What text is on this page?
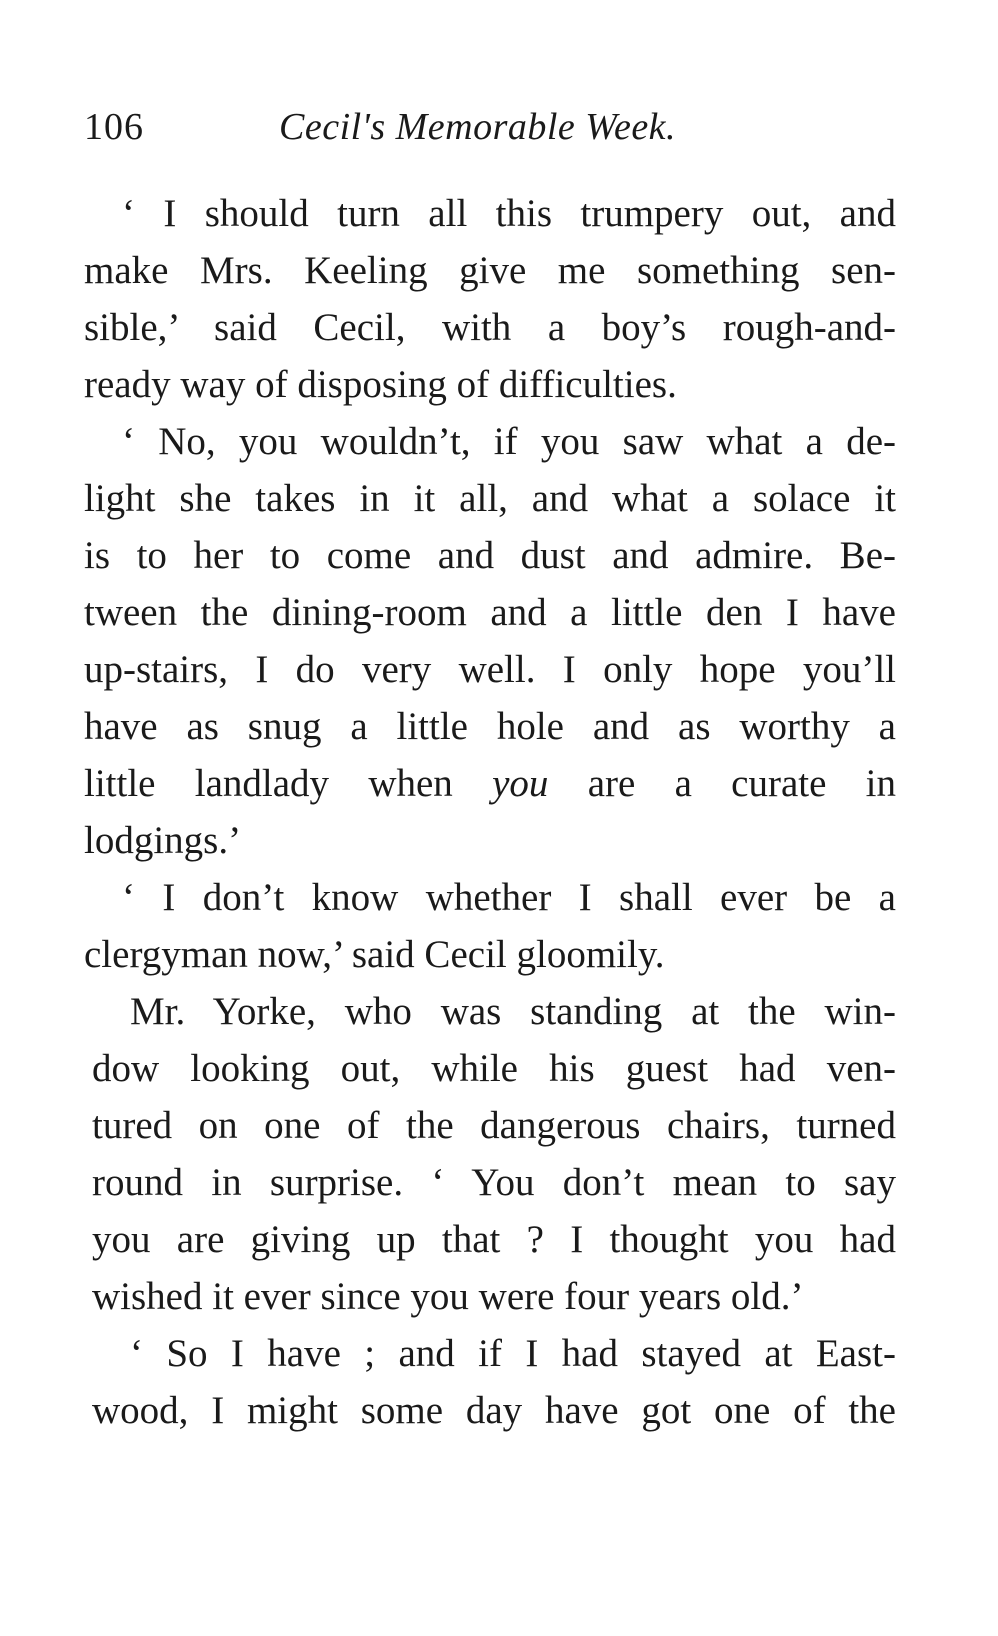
106	Cecil's Memorable Week.
‘ I should turn all this trumpery out, and
make Mrs. Keeling give me something sen-
sible,’ said Cecil, with a boy’s rough-and-
ready way of disposing of difficulties.
‘ No, you wouldn’t, if you saw what a de-
light she takes in it all, and what a solace it
is to her to come and dust and admire. Be-
tween the dining-room and a little den I have
up-stairs, I do very well. I only hope you’ll
have as snug a little hole and as worthy a
little landlady when you are a curate in
lodgings.’
‘ I don’t know whether I shall ever be a
clergyman now,’ said Cecil gloomily.
Mr. Yorke, who was standing at the win-
dow looking out, while his guest had ven-
tured on one of the dangerous chairs, turned
round in surprise. ‘ You don’t mean to say
you are giving up that ? I thought you had
wished it ever since you were four years old.’
‘ So I have ; and if I had stayed at East-
wood, I might some day have got one of the
